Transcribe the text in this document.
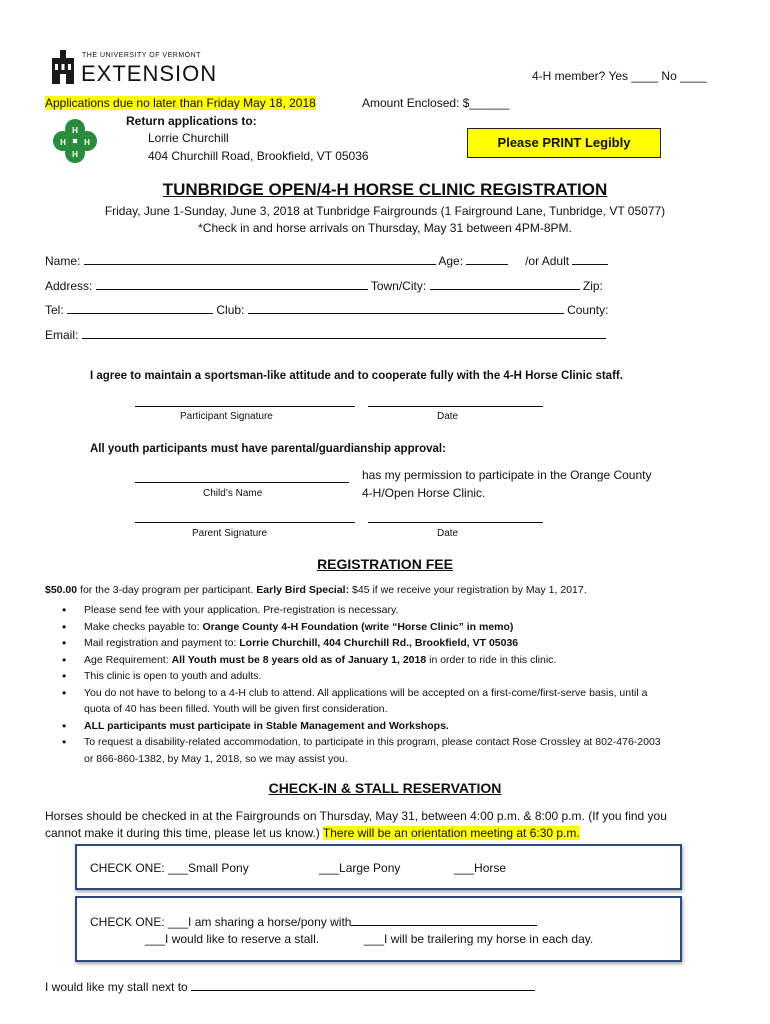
THE UNIVERSITY OF VERMONT
EXTENSION	4-H member? Yes ____ No ____
Applications due no later than Friday May 18, 2018	Amount Enclosed: $______
Return applications to:
Lorrie Churchill
404 Churchill Road, Brookfield, VT 05036
H
H
H H	Please PRINT Legibly
TUNBRIDGE OPEN/4-H HORSE CLINIC REGISTRATION
Friday, June 1-Sunday, June 3, 2018 at Tunbridge Fairgrounds (1 Fairground Lane, Tunbridge, VT 05077)
*Check in and horse arrivals on Thursday, May 31 between 4PM-8PM.
Name:	Age:	/or Adult
Address:	Town/City:	Zip:
Tel:	Club:	County:
Email:
I agree to maintain a sportsman-like attitude and to cooperate fully with the 4-H Horse Clinic staff.
Participant Signature	Date
All youth participants must have parental/guardianship approval:
has my permission to participate in the Orange County
4-H/Open Horse Clinic.
Child’s Name
Parent Signature	Date
REGISTRATION FEE
$50.00 for the 3-day program per participant. Early Bird Special: $45 if we receive your registration by May 1, 2017.
• Please send fee with your application. Pre-registration is necessary.
• Make checks payable to: Orange County 4-H Foundation (write “Horse Clinic” in memo)
• Mail registration and payment to: Lorrie Churchill, 404 Churchill Rd., Brookfield, VT 05036
• Age Requirement: All Youth must be 8 years old as of January 1, 2018 in order to ride in this clinic.
• This clinic is open to youth and adults.
• You do not have to belong to a 4-H club to attend. All applications will be accepted on a first-come/first-serve basis, until a
quota of 40 has been filled. Youth will be given first consideration.
• ALL participants must participate in Stable Management and Workshops.
• To request a disability-related accommodation, to participate in this program, please contact Rose Crossley at 802-476-2003
or 866-860-1382, by May 1, 2018, so we may assist you.
CHECK-IN & STALL RESERVATION
Horses should be checked in at the Fairgrounds on Thursday, May 31, between 4:00 p.m. & 8:00 p.m. (If you find you
cannot make it during this time, please let us know.) There will be an orientation meeting at 6:30 p.m.
CHECK ONE: ___Small Pony	___Large Pony	___Horse
CHECK ONE: ___I am sharing a horse/pony with
___I would like to reserve a stall.	___I will be trailering my horse in each day.
I would like my stall next to
